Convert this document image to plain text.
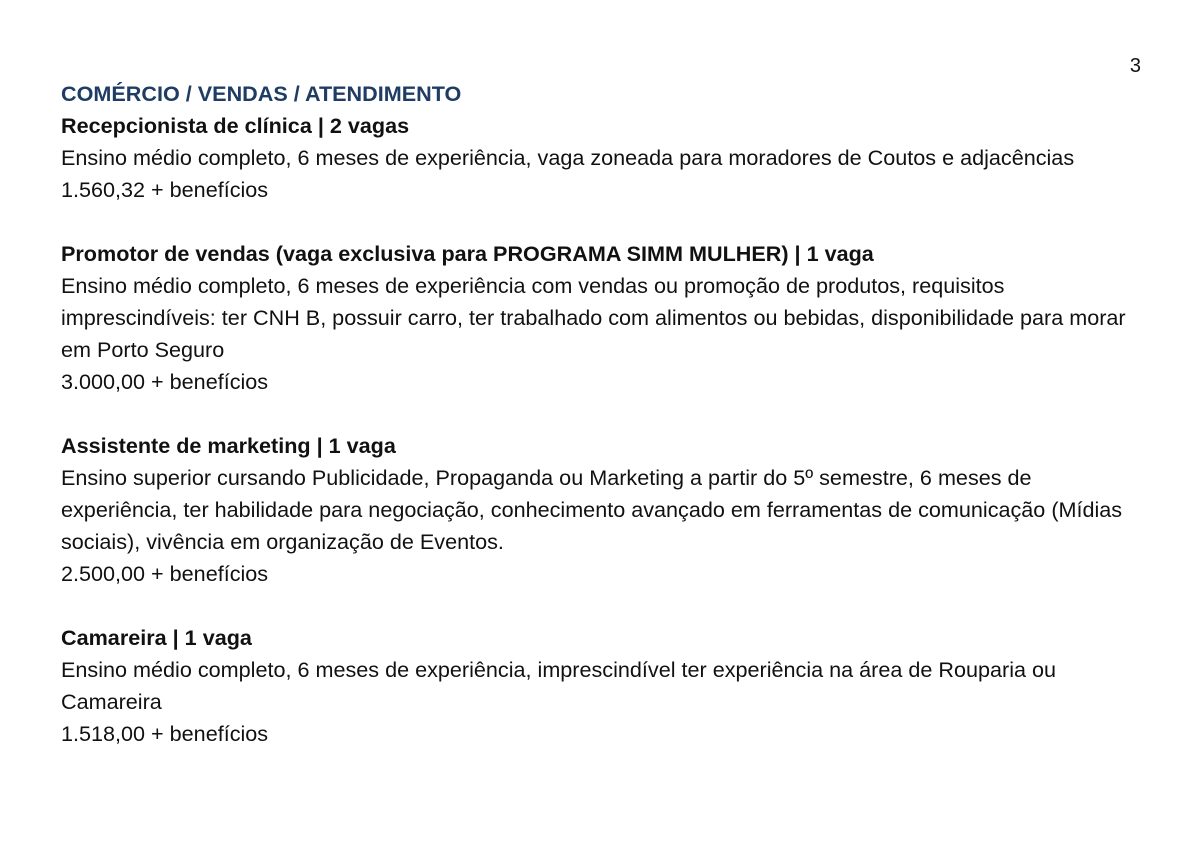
3

COMÉRCIO / VENDAS / ATENDIMENTO

Recepcionista de clínica | 2 vagas

Ensino médio completo, 6 meses de experiência, vaga zoneada para moradores de Coutos e adjacências

1.560,32 + benefícios

Promotor de vendas (vaga exclusiva para PROGRAMA SIMM MULHER) | 1 vaga

Ensino médio completo, 6 meses de experiência com vendas ou promoção de produtos, requisitos imprescindíveis: ter CNH B, possuir carro, ter trabalhado com alimentos ou bebidas, disponibilidade para morar em Porto Seguro

3.000,00 + benefícios

Assistente de marketing | 1 vaga

Ensino superior cursando Publicidade, Propaganda ou Marketing a partir do 5º semestre, 6 meses de experiência, ter habilidade para negociação, conhecimento avançado em ferramentas de comunicação (Mídias sociais), vivência em organização de Eventos.

2.500,00 + benefícios

Camareira | 1 vaga

Ensino médio completo, 6 meses de experiência, imprescindível ter experiência na área de Rouparia ou Camareira

1.518,00 + benefícios
